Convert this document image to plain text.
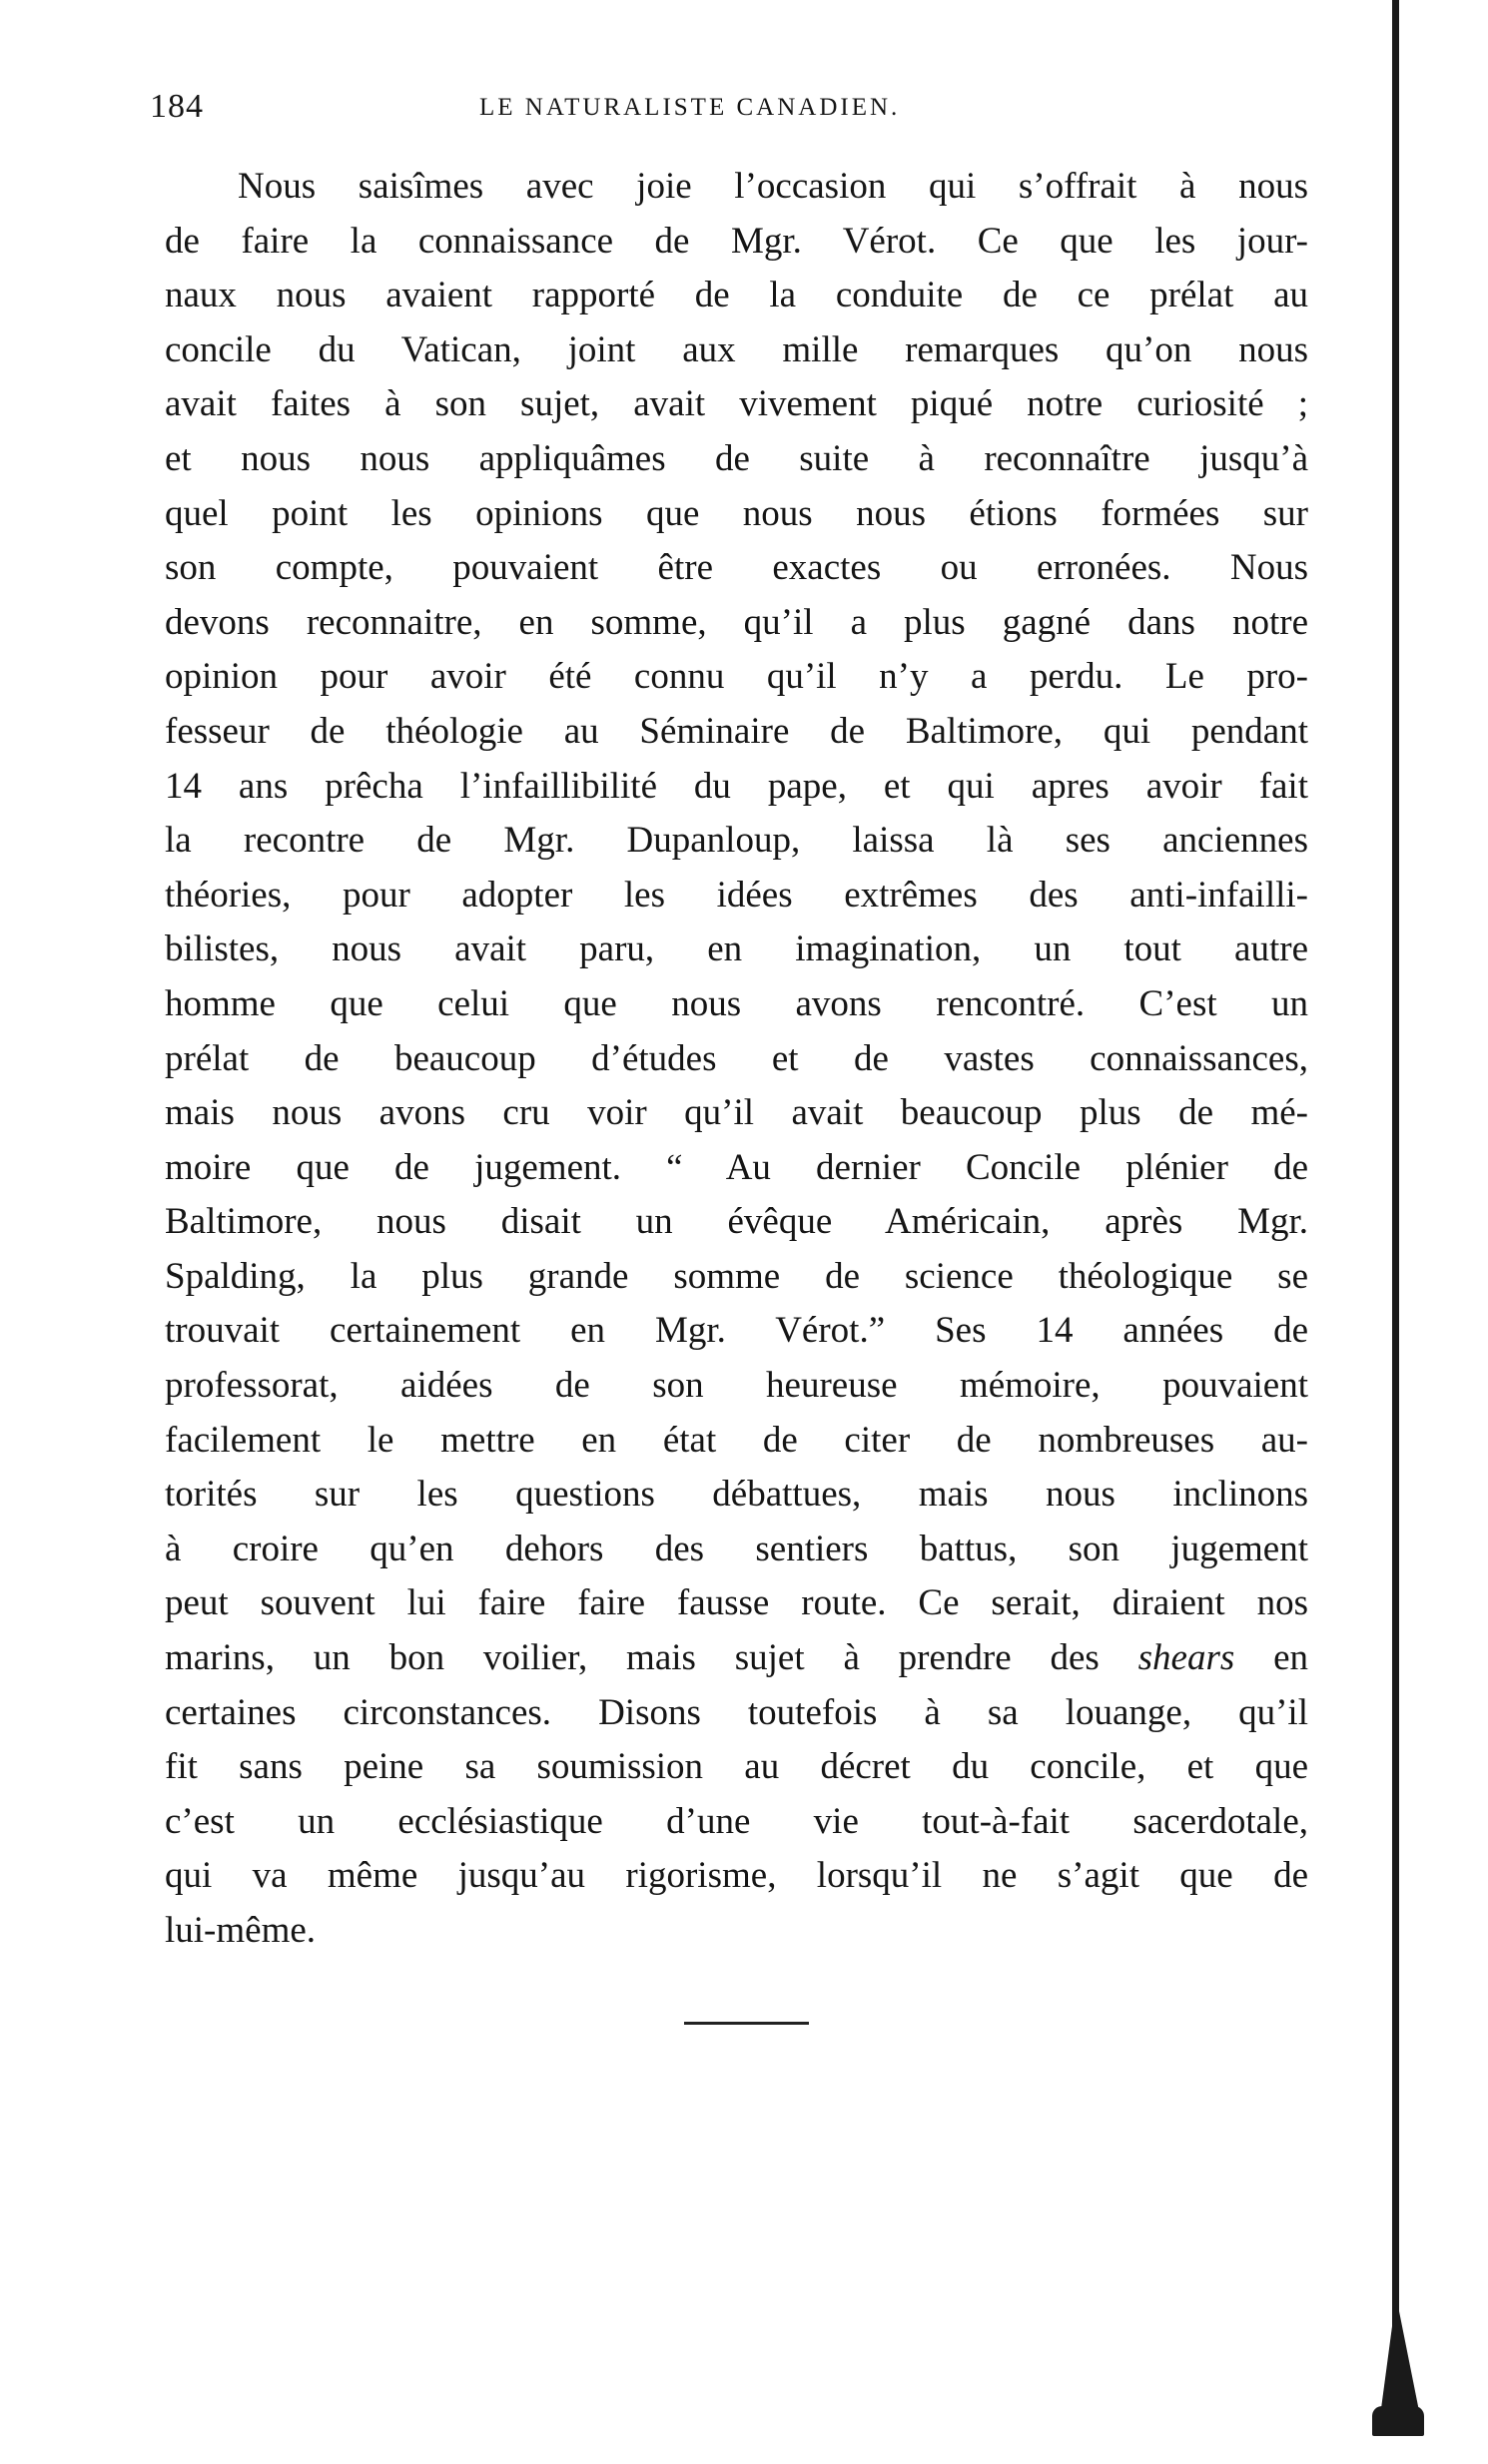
184	LE NATURALISTE CANADIEN.
Nous saisîmes avec joie l’occasion qui s’offrait à nous
de faire la connaissance de Mgr. Vérot. Ce que les jour-
naux nous avaient rapporté de la conduite de ce prélat au
concile du Vatican, joint aux mille remarques qu’on nous
avait faites à son sujet, avait vivement piqué notre curiosité ;
et nous nous appliquâmes de suite à reconnaître jusqu’à
quel point les opinions que nous nous étions formées sur
son compte, pouvaient être exactes ou erronées. Nous
devons reconnaitre, en somme, qu’il a plus gagné dans notre
opinion pour avoir été connu qu’il n’y a perdu. Le pro-
fesseur de théologie au Séminaire de Baltimore, qui pendant
14 ans prêcha l’infaillibilité du pape, et qui apres avoir fait
la recontre de Mgr. Dupanloup, laissa là ses anciennes
théories, pour adopter les idées extrêmes des anti-infailli-
bilistes, nous avait paru, en imagination, un tout autre
homme que celui que nous avons rencontré. C’est un
prélat de beaucoup d’études et de vastes connaissances,
mais nous avons cru voir qu’il avait beaucoup plus de mé-
moire que de jugement. “ Au dernier Concile plénier de
Baltimore, nous disait un évêque Américain, après Mgr.
Spalding, la plus grande somme de science théologique se
trouvait certainement en Mgr. Vérot.” Ses 14 années de
professorat, aidées de son heureuse mémoire, pouvaient
facilement le mettre en état de citer de nombreuses au-
torités sur les questions débattues, mais nous inclinons
à croire qu’en dehors des sentiers battus, son jugement
peut souvent lui faire faire fausse route. Ce serait, diraient nos
marins, un bon voilier, mais sujet à prendre des shears en
certaines circonstances. Disons toutefois à sa louange, qu’il
fit sans peine sa soumission au décret du concile, et que
c’est un ecclésiastique d’une vie tout-à-fait sacerdotale,
qui va même jusqu’au rigorisme, lorsqu’il ne s’agit que de
lui-même.
